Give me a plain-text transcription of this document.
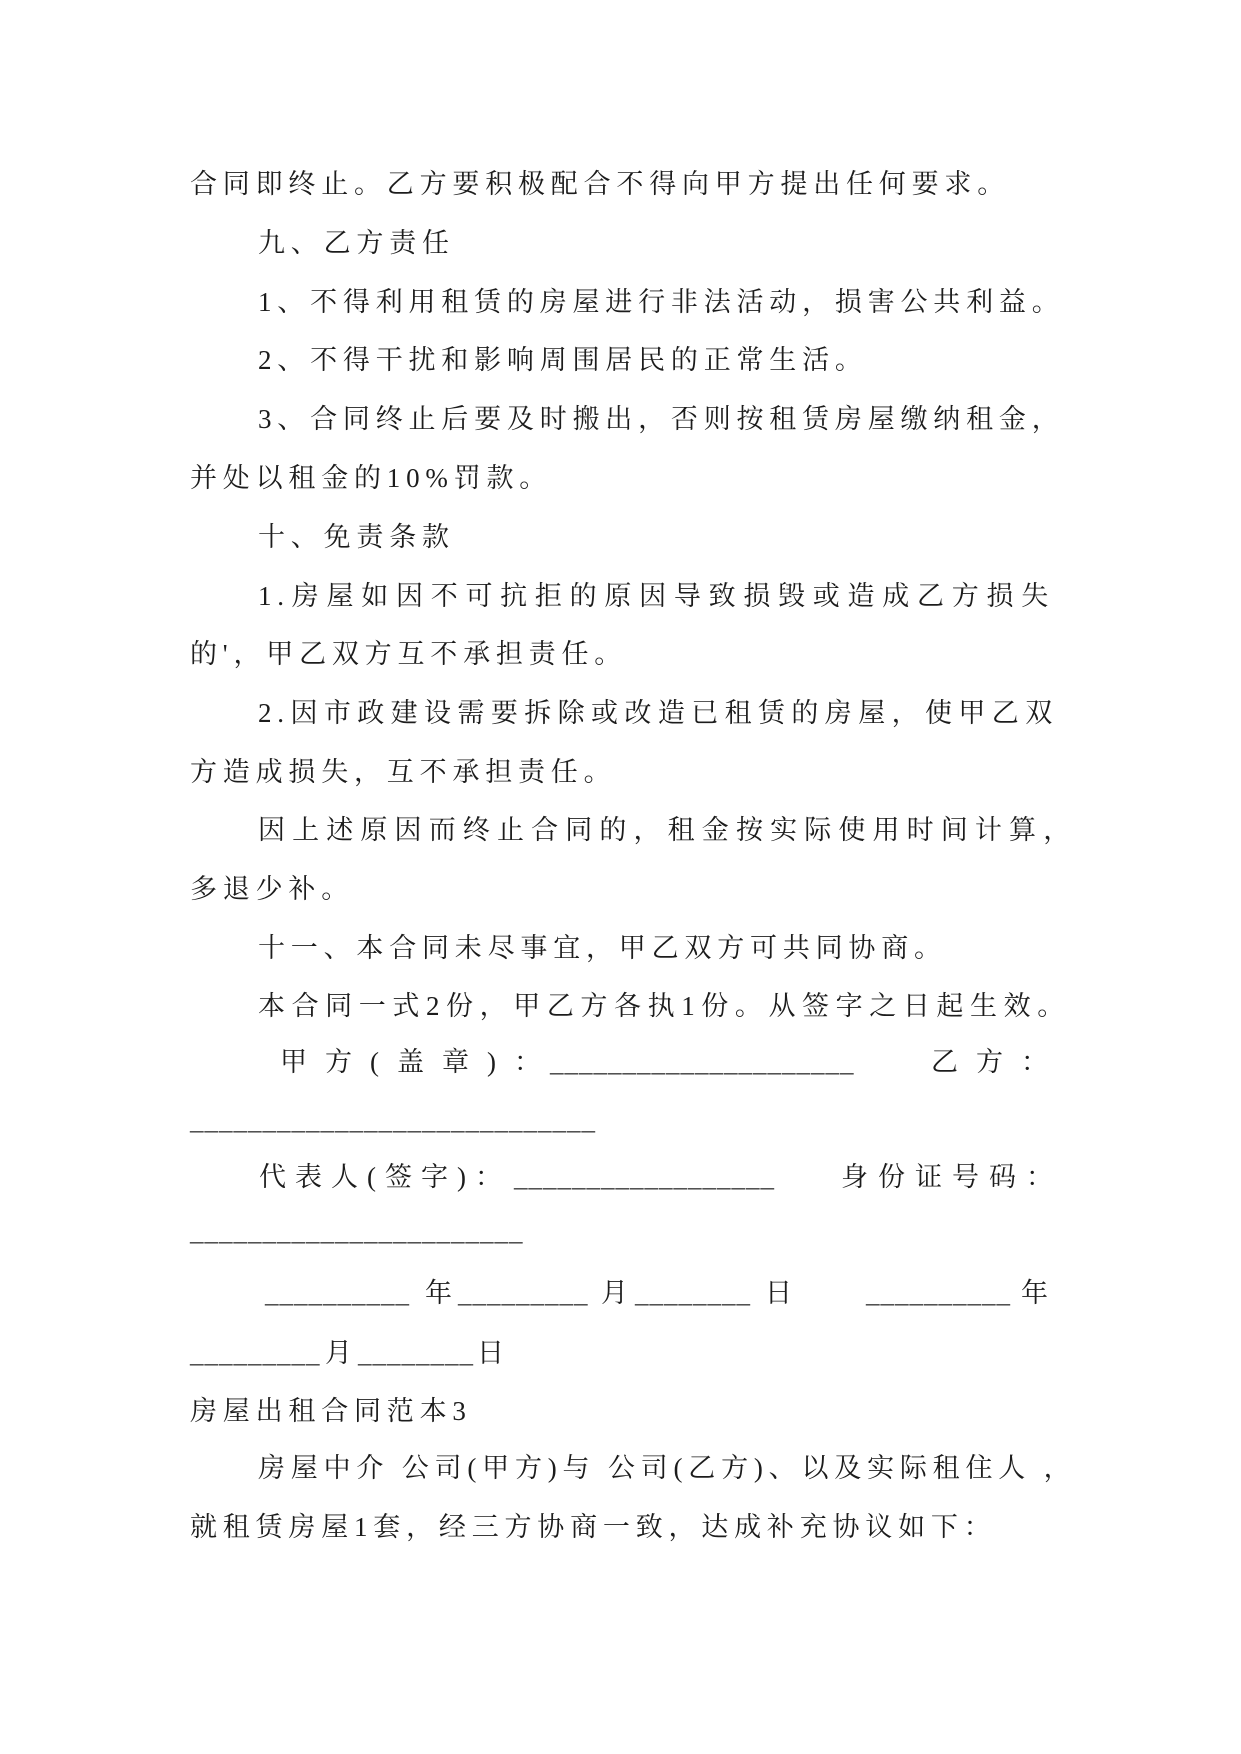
合同即终止。乙方要积极配合不得向甲方提出任何要求。
九、乙方责任
1、不得利用租赁的房屋进行非法活动，损害公共利益。
2、不得干扰和影响周围居民的正常生活。
3、合同终止后要及时搬出，否则按租赁房屋缴纳租金，
并处以租金的10%罚款。
十、免责条款
1.房屋如因不可抗拒的原因导致损毁或造成乙方损失
的'，甲乙双方互不承担责任。
2.因市政建设需要拆除或改造已租赁的房屋，使甲乙双
方造成损失，互不承担责任。
因上述原因而终止合同的，租金按实际使用时间计算，
多退少补。
十一、本合同未尽事宜，甲乙双方可共同协商。
本合同一式2份，甲乙方各执1份。从签字之日起生效。
甲方(盖章)：
_____________________	乙方：
____________________________
代表人(签字)： __________________ 身份证号码：
_______________________
__________ 年 _________ 月 ________ 日	__________ 年
_________ 月 ________ 日
房屋出租合同范本3
房屋中介 公司(甲方)与 公司(乙方)、以及实际租住人 ，
就租赁房屋1套，经三方协商一致，达成补充协议如下：
